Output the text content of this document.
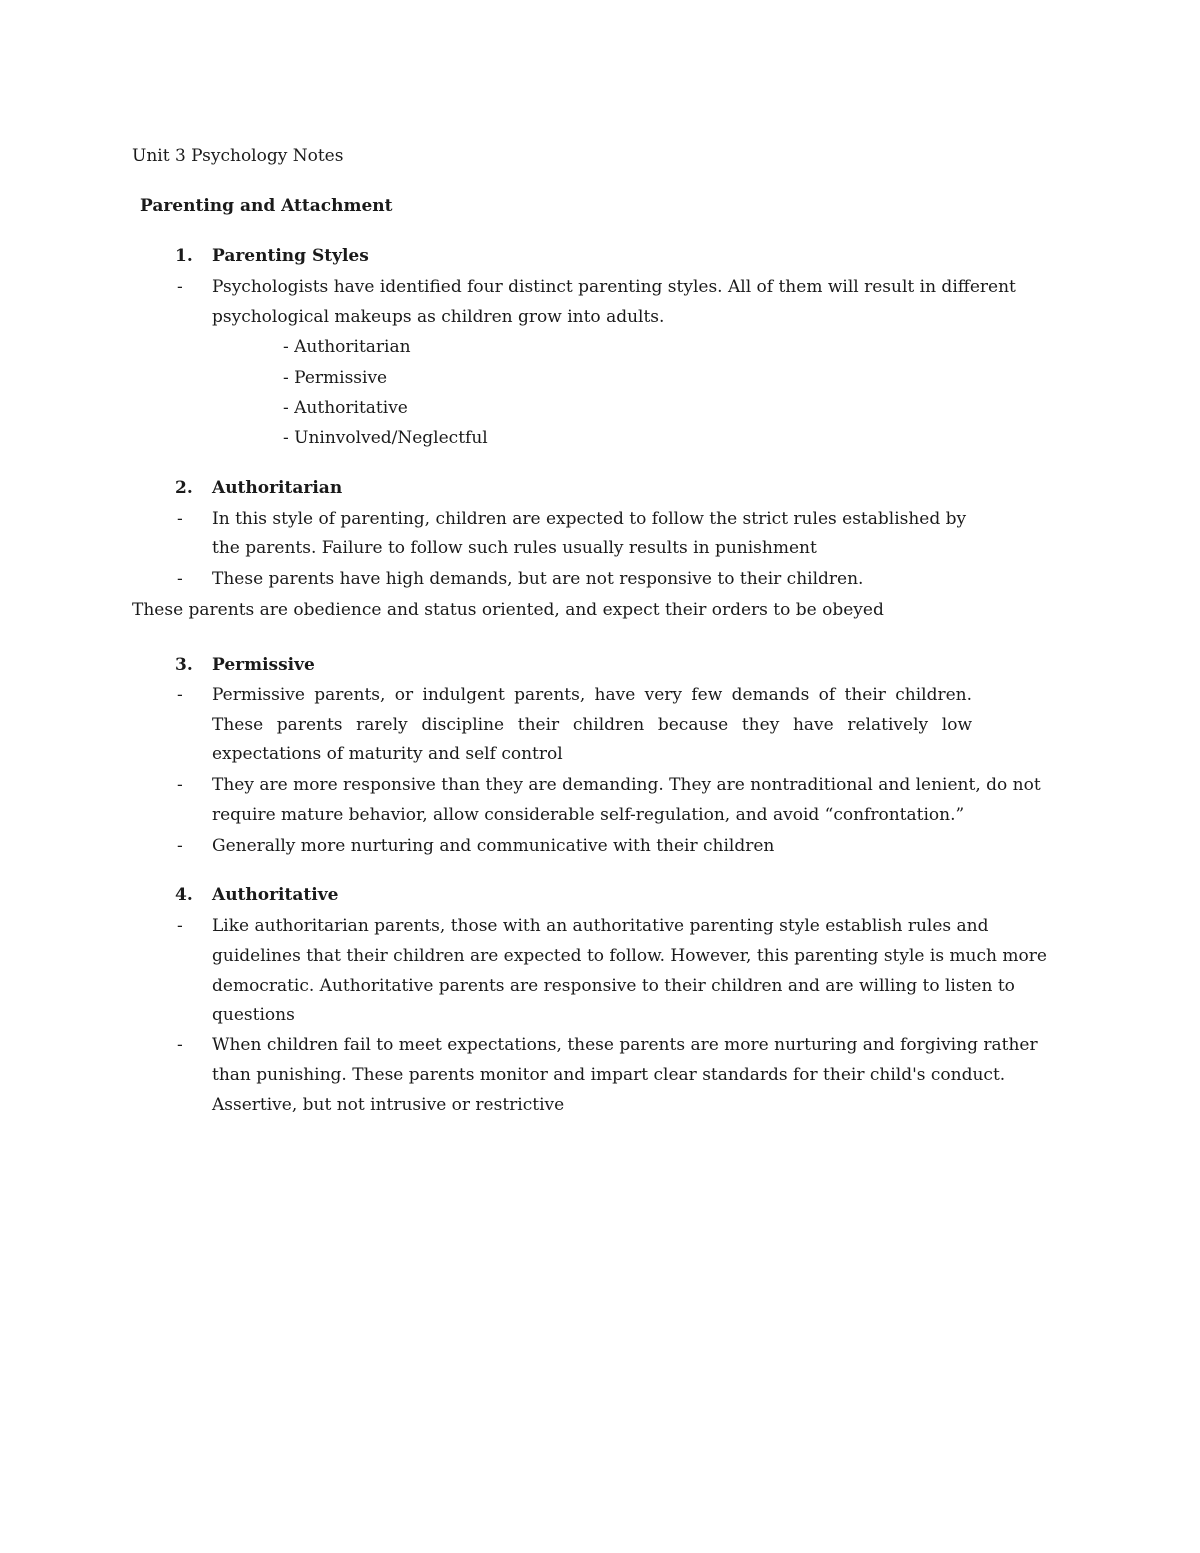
Unit 3 Psychology Notes
Parenting and Attachment
1. Parenting Styles
- Psychologists have identified four distinct parenting styles. All of them will result in different
psychological makeups as children grow into adults.
- Authoritarian
- Permissive
- Authoritative
- Uninvolved/Neglectful
2. Authoritarian
- In this style of parenting, children are expected to follow the strict rules established by
the parents. Failure to follow such rules usually results in punishment
- These parents have high demands, but are not responsive to their children.
These parents are obedience and status oriented, and expect their orders to be obeyed
3. Permissive
- Permissive parents, or indulgent parents, have very few demands of their children.
These parents rarely discipline their children because they have relatively low
expectations of maturity and self control
- They are more responsive than they are demanding. They are nontraditional and lenient, do not
require mature behavior, allow considerable self-regulation, and avoid “confrontation.”
- Generally more nurturing and communicative with their children
4. Authoritative
- Like authoritarian parents, those with an authoritative parenting style establish rules and
guidelines that their children are expected to follow. However, this parenting style is much more
democratic. Authoritative parents are responsive to their children and are willing to listen to
questions
- When children fail to meet expectations, these parents are more nurturing and forgiving rather
than punishing. These parents monitor and impart clear standards for their child's conduct.
Assertive, but not intrusive or restrictive
